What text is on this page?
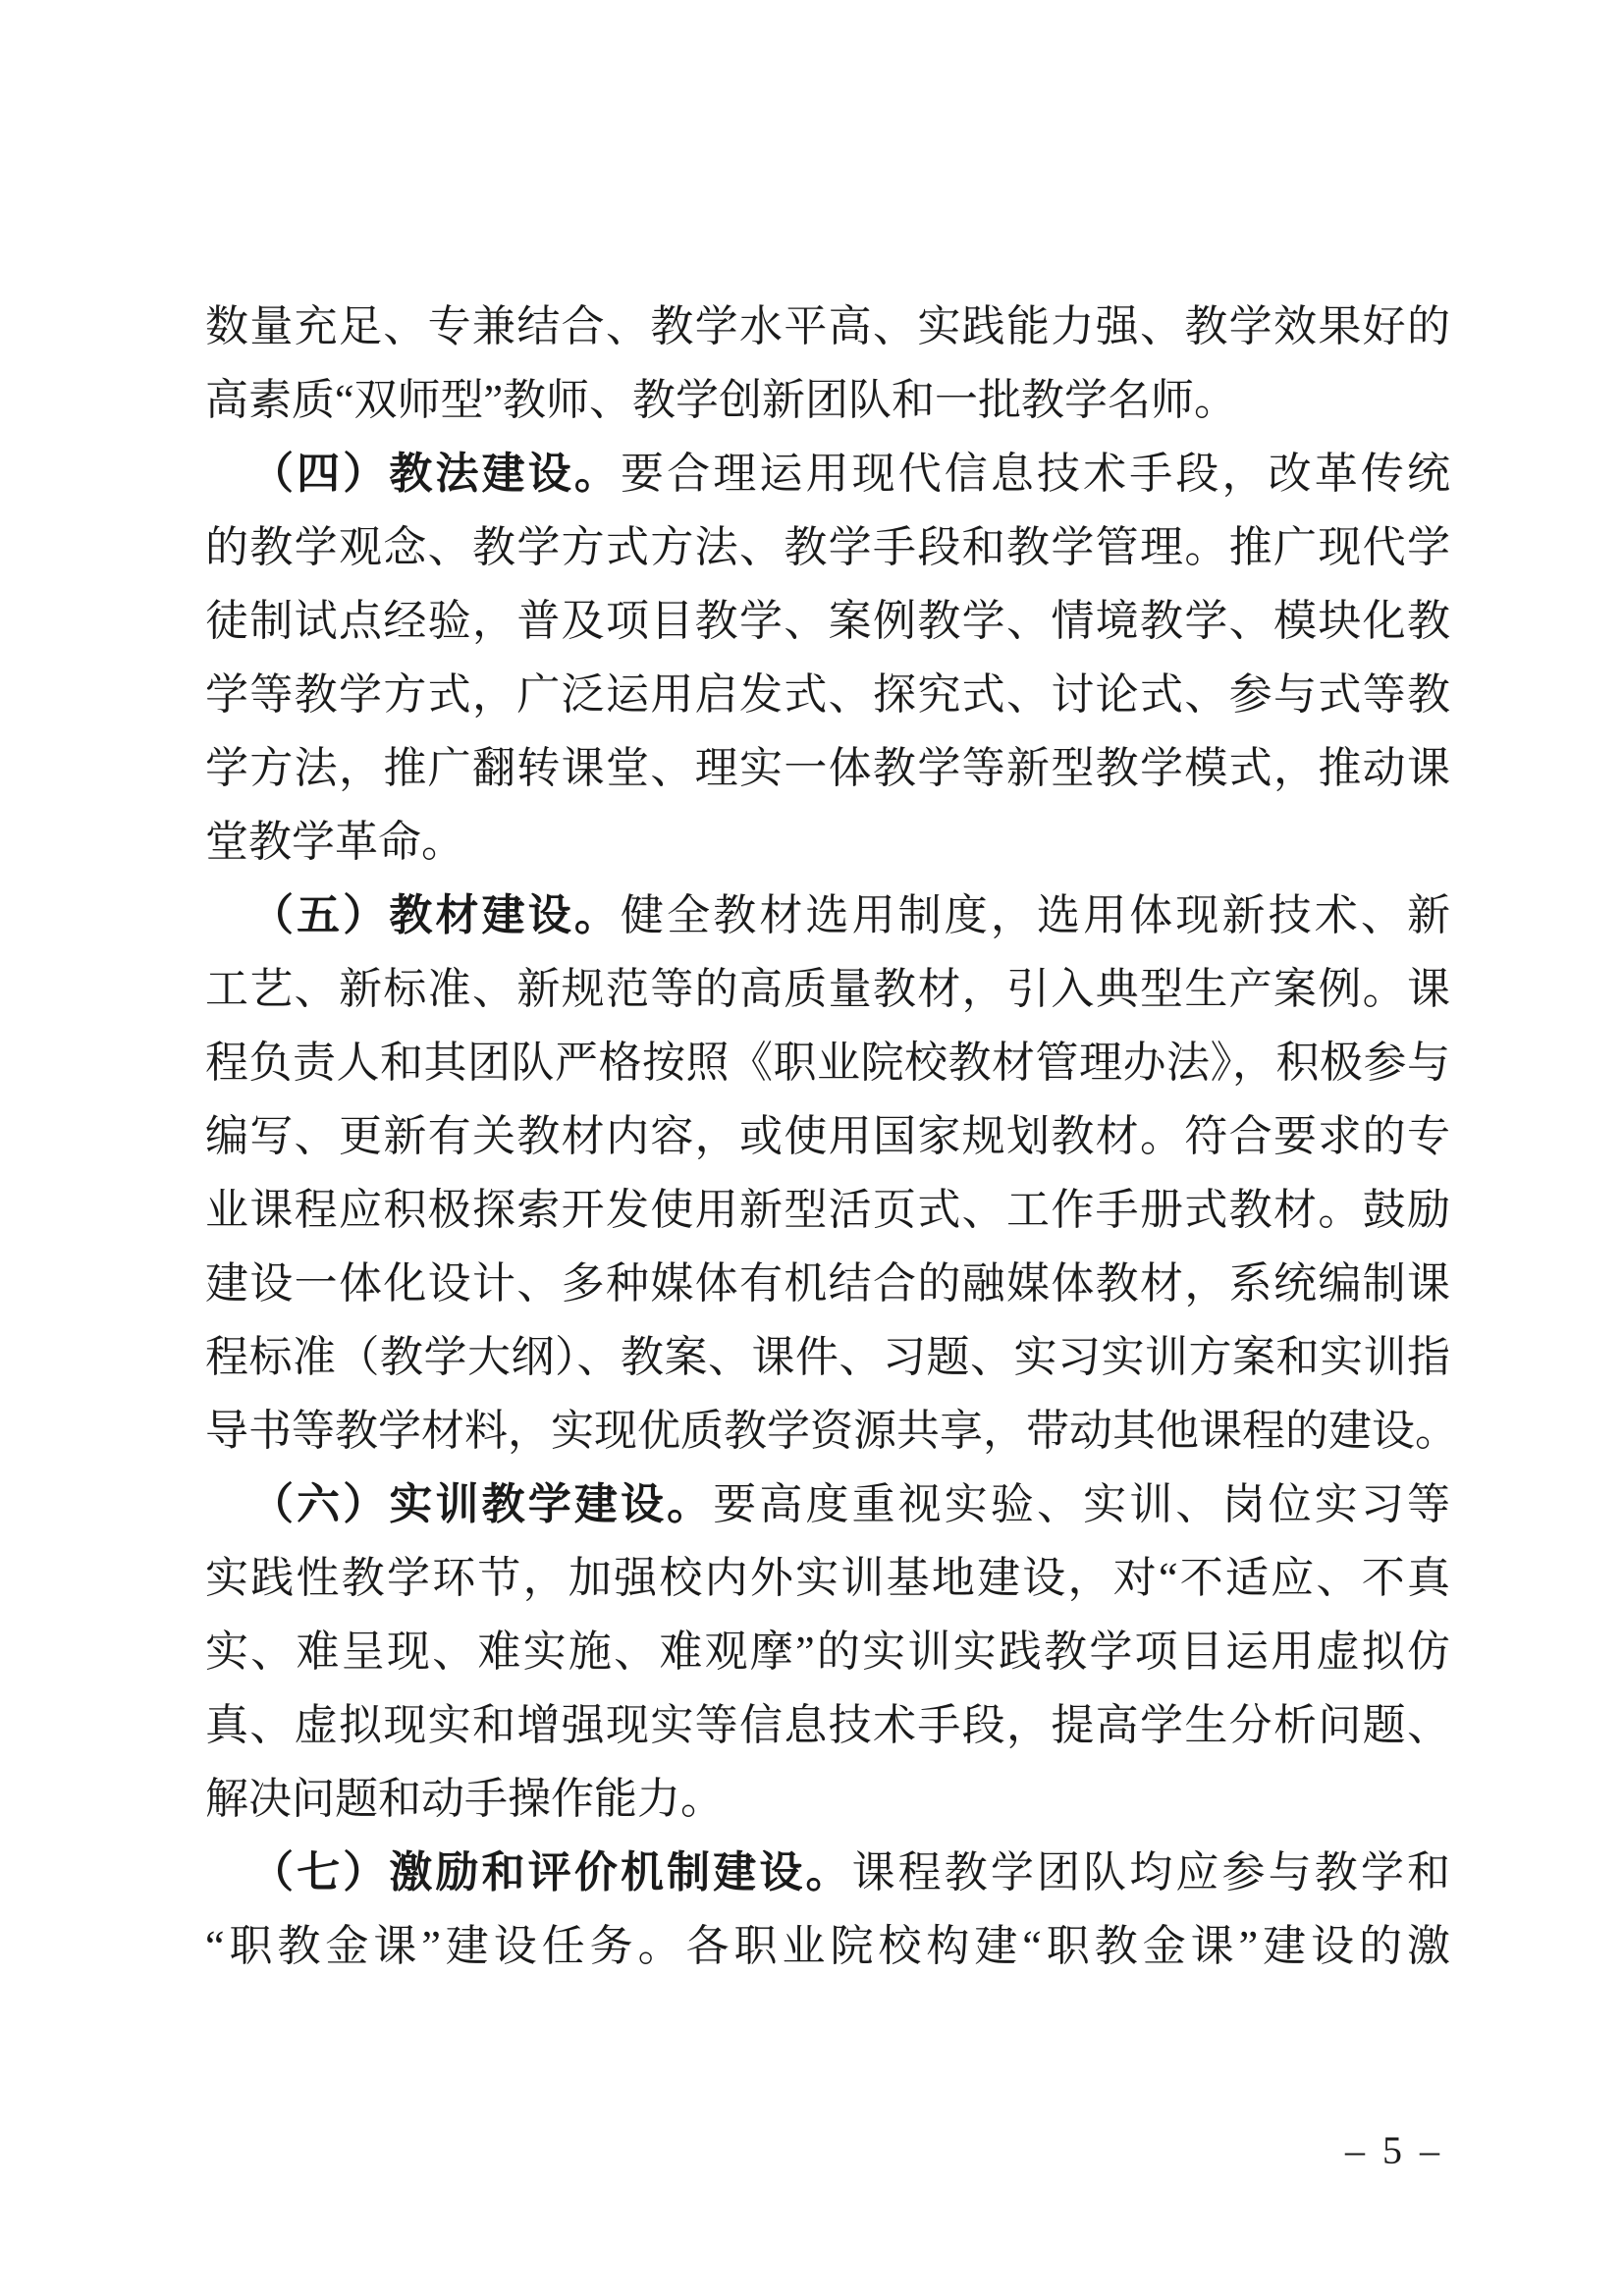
数量充足、专兼结合、教学水平高、实践能力强、教学效果好的
高素质“双师型”教师、教学创新团队和一批教学名师。
（四）教法建设。要合理运用现代信息技术手段，改革传统
的教学观念、教学方式方法、教学手段和教学管理。推广现代学
徒制试点经验，普及项目教学、案例教学、情境教学、模块化教
学等教学方式，广泛运用启发式、探究式、讨论式、参与式等教
学方法，推广翻转课堂、理实一体教学等新型教学模式，推动课
堂教学革命。
（五）教材建设。健全教材选用制度，选用体现新技术、新
工艺、新标准、新规范等的高质量教材，引入典型生产案例。课
程负责人和其团队严格按照《职业院校教材管理办法》，积极参与
编写、更新有关教材内容，或使用国家规划教材。符合要求的专
业课程应积极探索开发使用新型活页式、工作手册式教材。鼓励
建设一体化设计、多种媒体有机结合的融媒体教材，系统编制课
程标准（教学大纲）、教案、课件、习题、实习实训方案和实训指
导书等教学材料，实现优质教学资源共享，带动其他课程的建设。
（六）实训教学建设。要高度重视实验、实训、岗位实习等
实践性教学环节，加强校内外实训基地建设，对“不适应、不真
实、难呈现、难实施、难观摩”的实训实践教学项目运用虚拟仿
真、虚拟现实和增强现实等信息技术手段，提高学生分析问题、
解决问题和动手操作能力。
（七）激励和评价机制建设。课程教学团队均应参与教学和
“职教金课”建设任务。各职业院校构建“职教金课”建设的激
– 5 –
